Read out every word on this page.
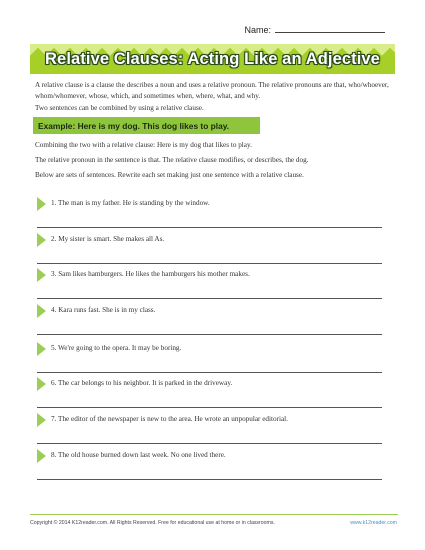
Name:
Relative Clauses: Acting Like an Adjective

A relative clause is a clause the describes a noun and uses a relative pronoun. The relative pronouns are that, who/whoever, whom/whomever, whose, which, and sometimes when, where, what, and why.

Two sentences can be combined by using a relative clause.

Example: Here is my dog. This dog likes to play.

Combining the two with a relative clause: Here is my dog that likes to play.

The relative pronoun in the sentence is that. The relative clause modifies, or describes, the dog.

Below are sets of sentences. Rewrite each set making just one sentence with a relative clause.

1. The man is my father. He is standing by the window.
2. My sister is smart. She makes all As.
3. Sam likes hamburgers. He likes the hamburgers his mother makes.
4. Kara runs fast. She is in my class.
5. We're going to the opera. It may be boring.
6. The car belongs to his neighbor. It is parked in the driveway.
7. The editor of the newspaper is new to the area. He wrote an unpopular editorial.
8. The old house burned down last week. No one lived there.
Copyright © 2014 K12reader.com. All Rights Reserved. Free for educational use at home or in classrooms.	www.k12reader.com
